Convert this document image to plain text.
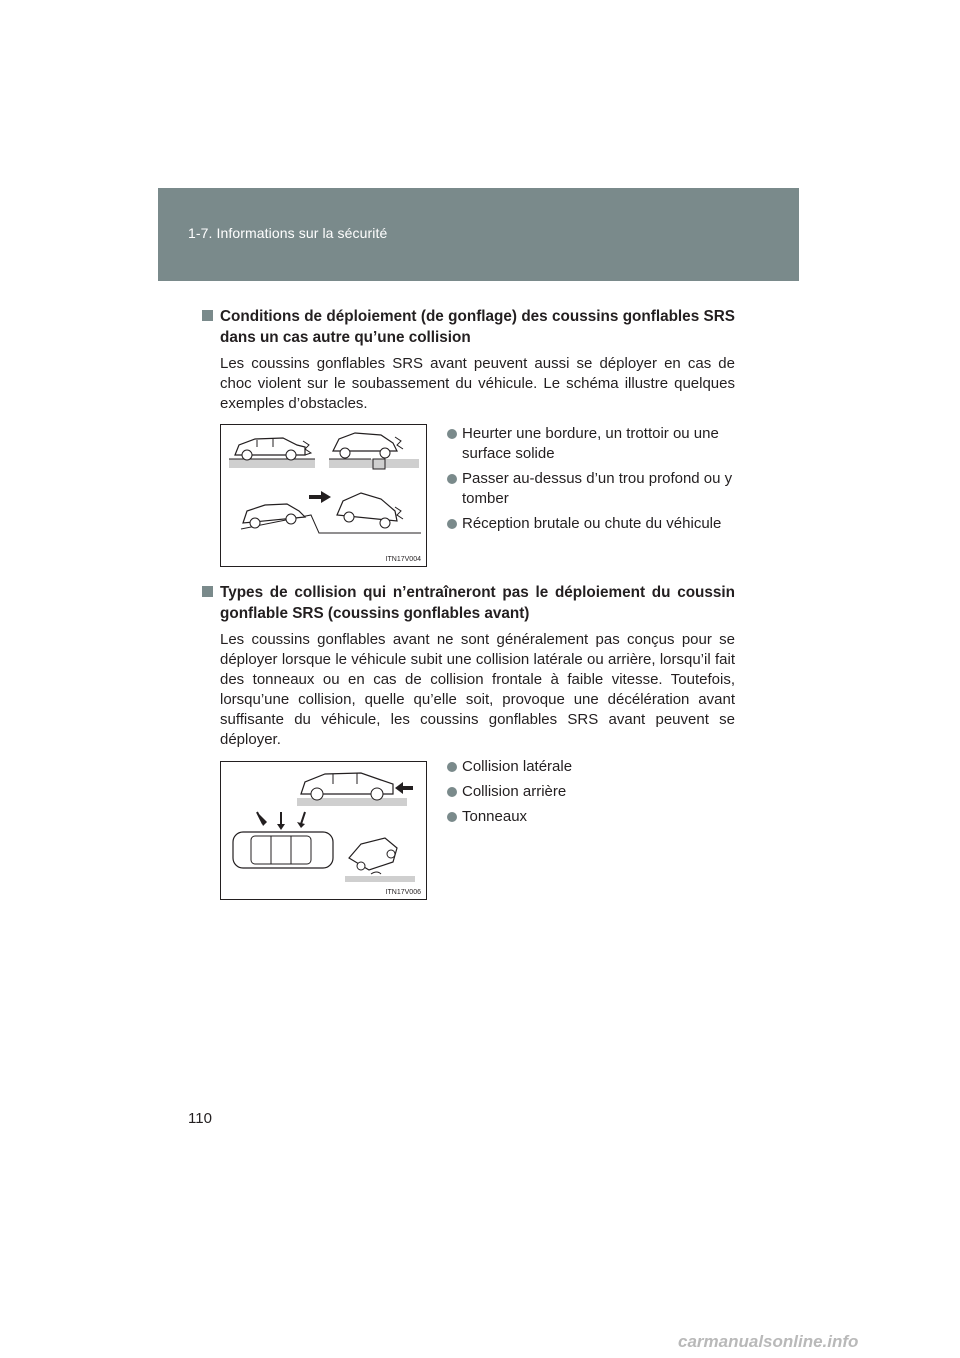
1-7. Informations sur la sécurité
Conditions de déploiement (de gonflage) des coussins gonflables SRS dans un cas autre qu’une collision
Les coussins gonflables SRS avant peuvent aussi se déployer en cas de choc violent sur le soubassement du véhicule. Le schéma illustre quelques exemples d’obstacles.
ITN17V004
Heurter une bordure, un trottoir ou une surface solide
Passer au-dessus d’un trou profond ou y tomber
Réception brutale ou chute du véhicule
Types de collision qui n’entraîneront pas le déploiement du coussin gonflable SRS (coussins gonflables avant)
Les coussins gonflables avant ne sont généralement pas conçus pour se déployer lorsque le véhicule subit une collision latérale ou arrière, lorsqu’il fait des tonneaux ou en cas de collision frontale à faible vitesse. Toutefois, lorsqu’une collision, quelle qu’elle soit, provoque une décélération avant suffisante du véhicule, les coussins gonflables SRS avant peuvent se déployer.
ITN17V006
Collision latérale
Collision arrière
Tonneaux
110
carmanualsonline.info
